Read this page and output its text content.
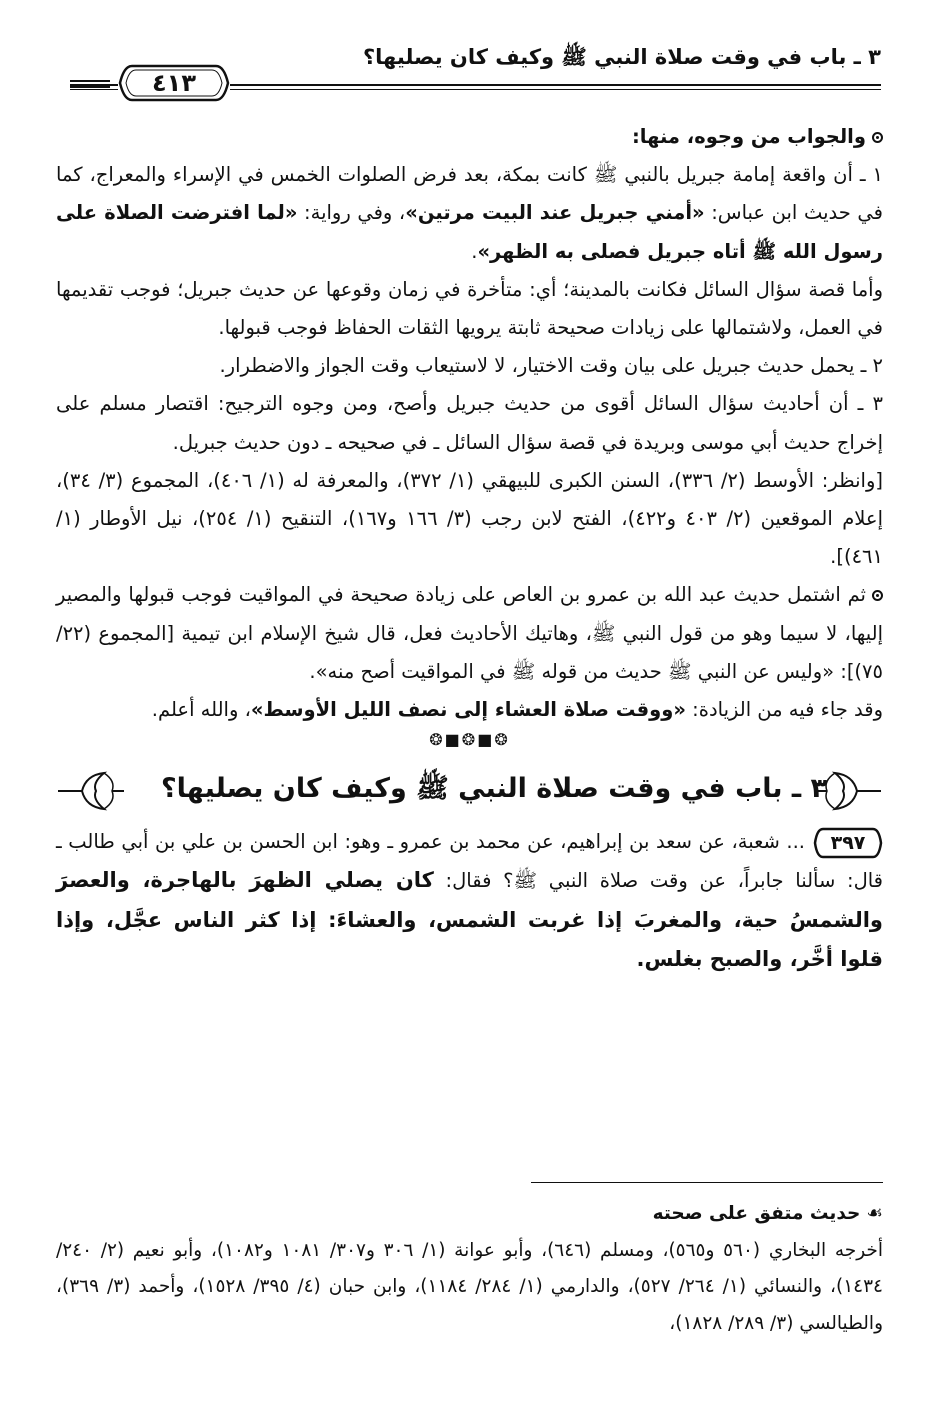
٣ ـ باب في وقت صلاة النبي ﷺ وكيف كان يصليها؟
٤١٣

والجواب من وجوه، منها:

١ ـ أن واقعة إمامة جبريل بالنبي ﷺ كانت بمكة، بعد فرض الصلوات الخمس في الإسراء والمعراج، كما في حديث ابن عباس: «أمني جبريل عند البيت مرتين»، وفي رواية: «لما افترضت الصلاة على رسول الله ﷺ أتاه جبريل فصلى به الظهر».

وأما قصة سؤال السائل فكانت بالمدينة؛ أي: متأخرة في زمان وقوعها عن حديث جبريل؛ فوجب تقديمها في العمل، ولاشتمالها على زيادات صحيحة ثابتة يرويها الثقات الحفاظ فوجب قبولها.

٢ ـ يحمل حديث جبريل على بيان وقت الاختيار، لا لاستيعاب وقت الجواز والاضطرار.

٣ ـ أن أحاديث سؤال السائل أقوى من حديث جبريل وأصح، ومن وجوه الترجيح: اقتصار مسلم على إخراج حديث أبي موسى وبريدة في قصة سؤال السائل ـ في صحيحه ـ دون حديث جبريل.

[وانظر: الأوسط (٢/ ٣٣٦)، السنن الكبرى للبيهقي (١/ ٣٧٢)، والمعرفة له (١/ ٤٠٦)، المجموع (٣/ ٣٤)، إعلام الموقعين (٢/ ٤٠٣ و٤٢٢)، الفتح لابن رجب (٣/ ١٦٦ و١٦٧)، التنقيح (١/ ٢٥٤)، نيل الأوطار (١/ ٤٦١)].

ثم اشتمل حديث عبد الله بن عمرو بن العاص على زيادة صحيحة في المواقيت فوجب قبولها والمصير إليها، لا سيما وهو من قول النبي ﷺ، وهاتيك الأحاديث فعل، قال شيخ الإسلام ابن تيمية [المجموع (٢٢/ ٧٥)]: «وليس عن النبي ﷺ حديث من قوله ﷺ في المواقيت أصح منه».

وقد جاء فيه من الزيادة: «ووقت صلاة العشاء إلى نصف الليل الأوسط»، والله أعلم.

❂■❂■❂
٣ ـ باب في وقت صلاة النبي ﷺ وكيف كان يصليها؟

٣٩٧... شعبة، عن سعد بن إبراهيم، عن محمد بن عمرو ـ وهو: ابن الحسن بن علي بن أبي طالب ـ قال: سألنا جابراً، عن وقت صلاة النبي ﷺ؟ فقال: كان يصلي الظهرَ بالهاجرة، والعصرَ والشمسُ حية، والمغربَ إذا غربت الشمس، والعشاءَ: إذا كثر الناس عجَّل، وإذا قلوا أخَّر، والصبح بغلس.

☙حديث متفق على صحته

أخرجه البخاري (٥٦٠ و٥٦٥)، ومسلم (٦٤٦)، وأبو عوانة (١/ ٣٠٦ و٣٠٧/ ١٠٨١ و١٠٨٢)، وأبو نعيم (٢/ ٢٤٠/ ١٤٣٤)، والنسائي (١/ ٢٦٤/ ٥٢٧)، والدارمي (١/ ٢٨٤/ ١١٨٤)، وابن حبان (٤/ ٣٩٥/ ١٥٢٨)، وأحمد (٣/ ٣٦٩)، والطيالسي (٣/ ٢٨٩/ ١٨٢٨)،
